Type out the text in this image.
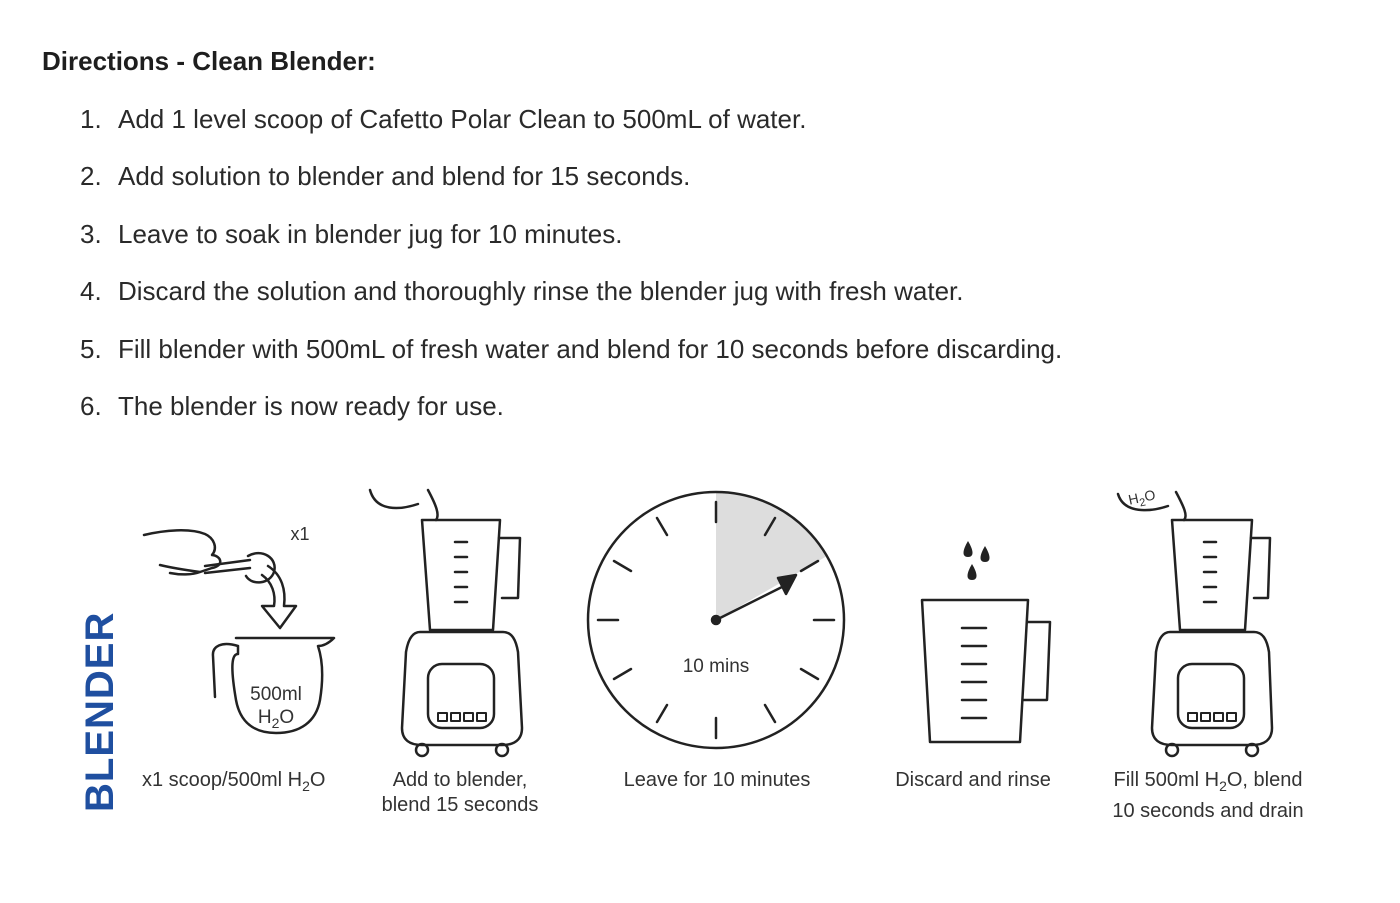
Directions - Clean Blender:
1. Add 1 level scoop of Cafetto Polar Clean to 500mL of water.
2. Add solution to blender and blend for 15 seconds.
3. Leave to soak in blender jug for 10 minutes.
4. Discard the solution and thoroughly rinse the blender jug with fresh water.
5. Fill blender with 500mL of fresh water and blend for 10 seconds before discarding.
6. The blender is now ready for use.
BLENDER
x1
500ml
$H_2O$
10 mins
$H_2O$
x1 scoop/500ml $H_2O$	Add to blender,
blend 15 seconds
Leave for 10 minutes	Discard and rinse	Fill 500ml $H_2O$, blend
10 seconds and drain
